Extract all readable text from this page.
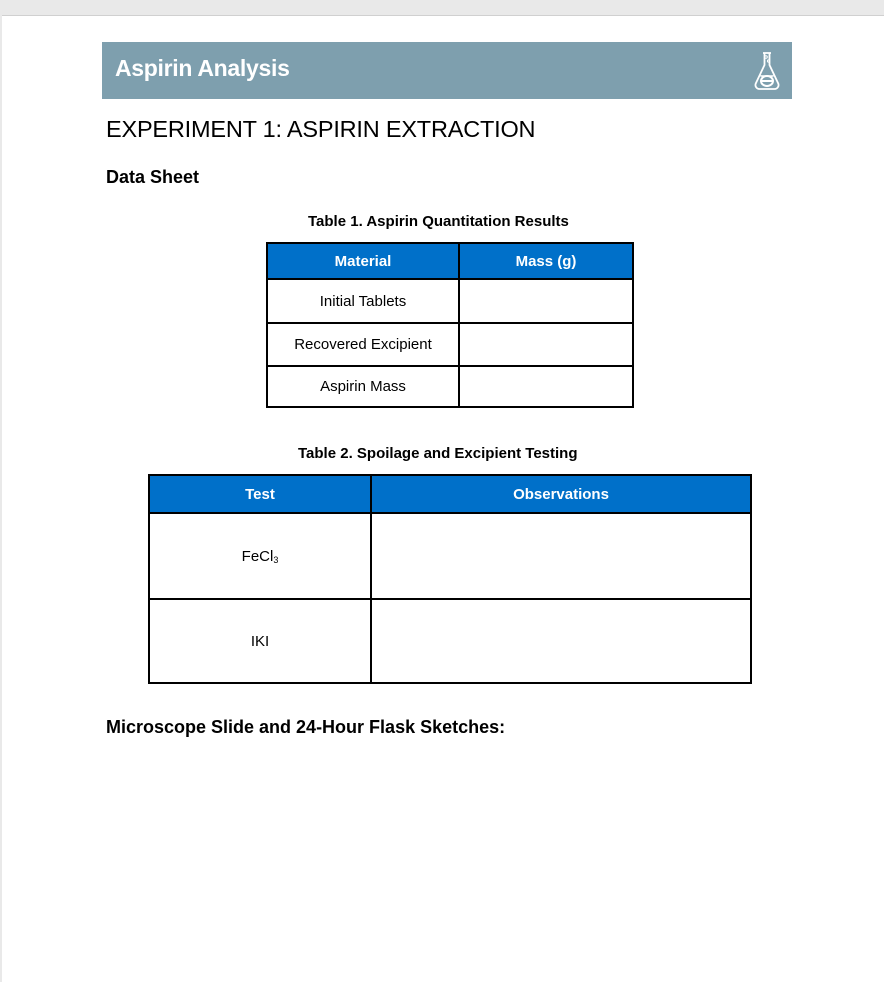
Aspirin Analysis
EXPERIMENT 1: ASPIRIN EXTRACTION
Data Sheet
Table 1. Aspirin Quantitation Results
Material	Mass (g)
Initial Tablets	
Recovered Excipient	
Aspirin Mass	
Table 2. Spoilage and Excipient Testing
Test	Observations
FeCl$_3$	
IKI	
Microscope Slide and 24-Hour Flask Sketches:
